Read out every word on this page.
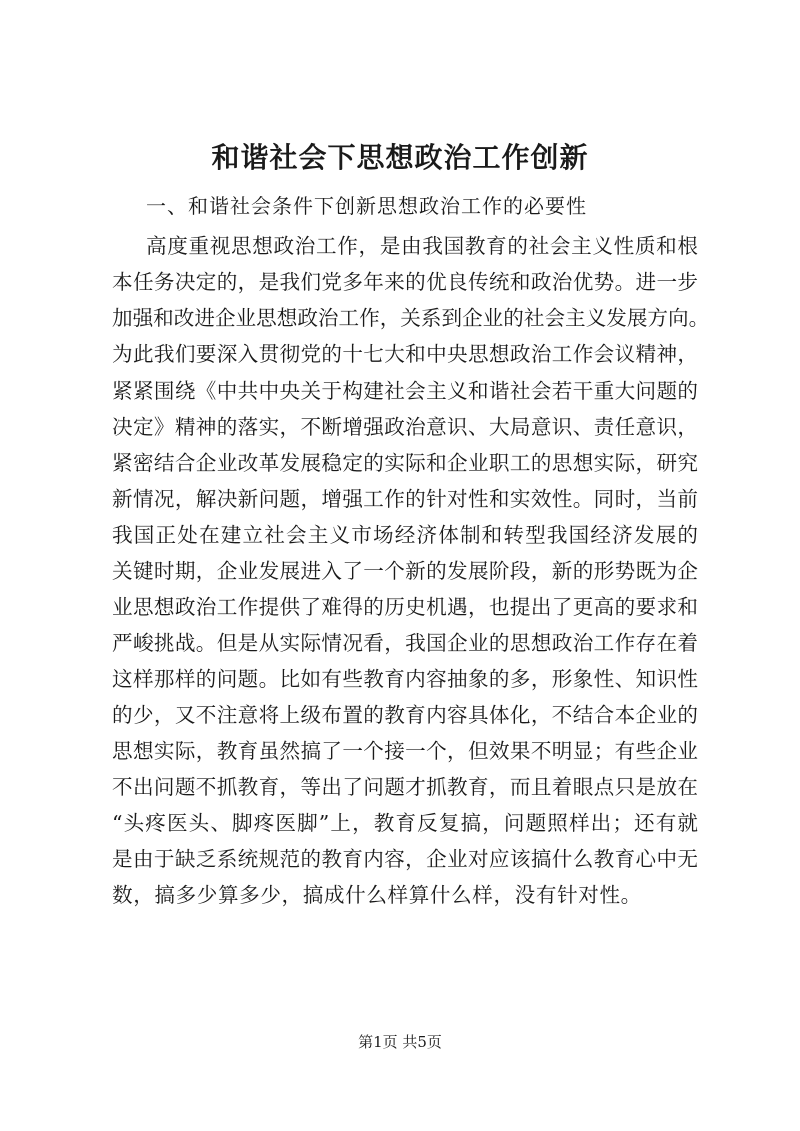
和谐社会下思想政治工作创新
一、和谐社会条件下创新思想政治工作的必要性
高度重视思想政治工作，是由我国教育的社会主义性质和根
本任务决定的，是我们党多年来的优良传统和政治优势。进一步
加强和改进企业思想政治工作，关系到企业的社会主义发展方向。
为此我们要深入贯彻党的十七大和中央思想政治工作会议精神，
紧紧围绕《中共中央关于构建社会主义和谐社会若干重大问题的
决定》精神的落实，不断增强政治意识、大局意识、责任意识，
紧密结合企业改革发展稳定的实际和企业职工的思想实际，研究
新情况，解决新问题，增强工作的针对性和实效性。同时，当前
我国正处在建立社会主义市场经济体制和转型我国经济发展的
关键时期，企业发展进入了一个新的发展阶段，新的形势既为企
业思想政治工作提供了难得的历史机遇，也提出了更高的要求和
严峻挑战。但是从实际情况看，我国企业的思想政治工作存在着
这样那样的问题。比如有些教育内容抽象的多，形象性、知识性
的少，又不注意将上级布置的教育内容具体化，不结合本企业的
思想实际，教育虽然搞了一个接一个，但效果不明显；有些企业
不出问题不抓教育，等出了问题才抓教育，而且着眼点只是放在
“头疼医头、脚疼医脚”上，教育反复搞，问题照样出；还有就
是由于缺乏系统规范的教育内容，企业对应该搞什么教育心中无
数，搞多少算多少，搞成什么样算什么样，没有针对性。
第1页 共5页
